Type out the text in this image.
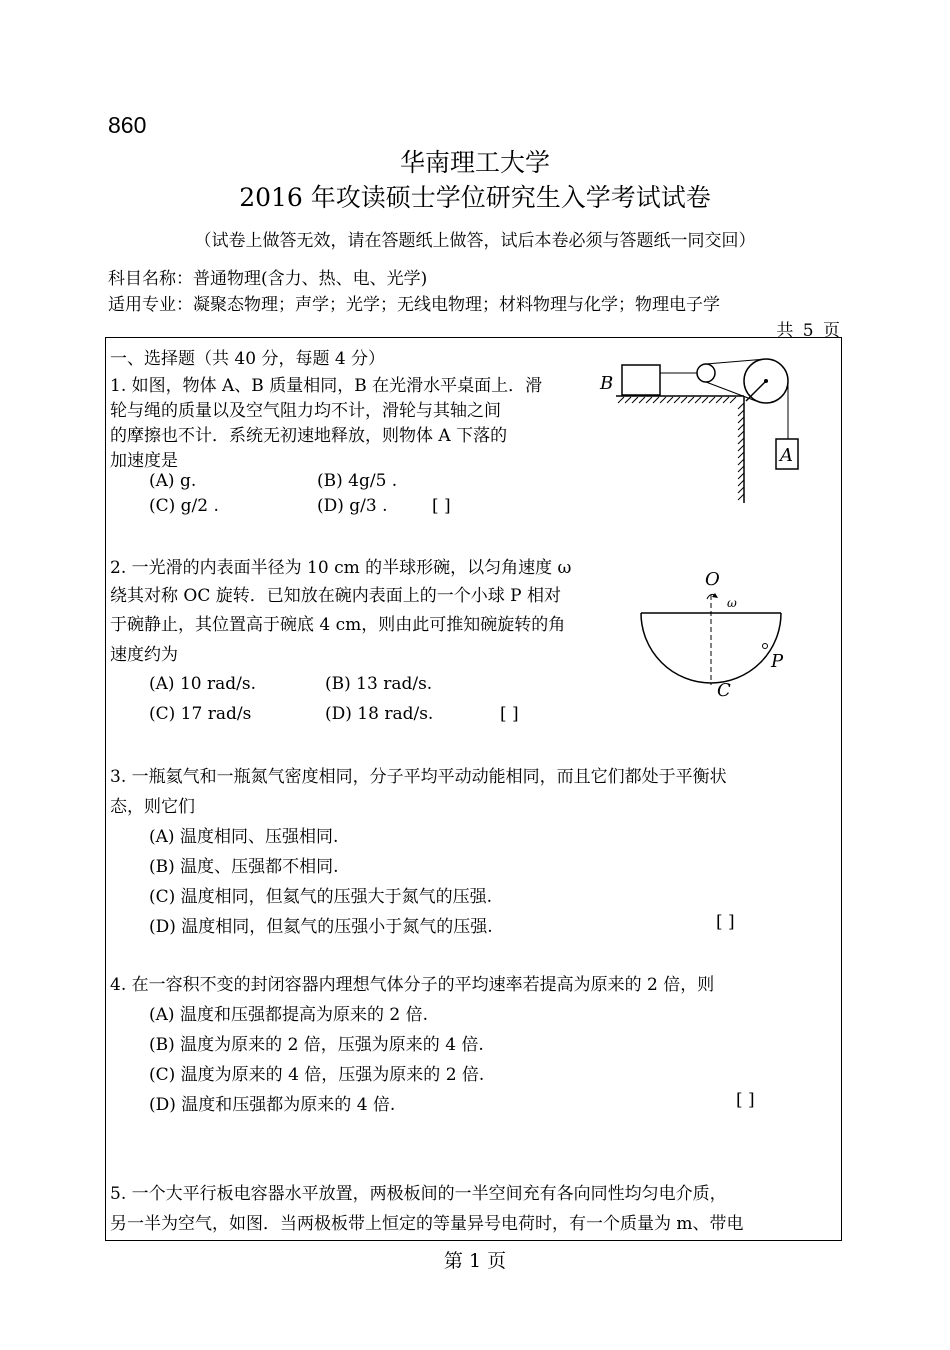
860
华南理工大学
2016 年攻读硕士学位研究生入学考试试卷
（试卷上做答无效，请在答题纸上做答，试后本卷必须与答题纸一同交回）
科目名称：普通物理(含力、热、电、光学)
适用专业：凝聚态物理；声学；光学；无线电物理；材料物理与化学；物理电子学
共 5 页
一、选择题（共 40 分，每题 4 分）
1. 如图，物体 A、B 质量相同，B 在光滑水平桌面上．滑
轮与绳的质量以及空气阻力均不计，滑轮与其轴之间
的摩擦也不计．系统无初速地释放，则物体 A 下落的
加速度是
(A) g.	(B) 4g/5 .
(C) g/2 .	(D) g/3 .	[ ]
B
A
2. 一光滑的内表面半径为 10 cm 的半球形碗，以匀角速度 ω
绕其对称 OC 旋转．已知放在碗内表面上的一个小球 P 相对
于碗静止，其位置高于碗底 4 cm，则由此可推知碗旋转的角
速度约为
(A) 10 rad/s.	(B) 13 rad/s.
(C) 17 rad/s	(D) 18 rad/s.	[ ]
O
ω
P
C
3. 一瓶氦气和一瓶氮气密度相同，分子平均平动动能相同，而且它们都处于平衡状
态，则它们
(A) 温度相同、压强相同.
(B) 温度、压强都不相同.
(C) 温度相同，但氦气的压强大于氮气的压强.
(D) 温度相同，但氦气的压强小于氮气的压强.	[ ]
4. 在一容积不变的封闭容器内理想气体分子的平均速率若提高为原来的 2 倍，则
(A) 温度和压强都提高为原来的 2 倍.
(B) 温度为原来的 2 倍，压强为原来的 4 倍.
(C) 温度为原来的 4 倍，压强为原来的 2 倍.
(D) 温度和压强都为原来的 4 倍.	[ ]
5. 一个大平行板电容器水平放置，两极板间的一半空间充有各向同性均匀电介质，
另一半为空气，如图．当两极板带上恒定的等量异号电荷时，有一个质量为 m、带电
第 1 页
